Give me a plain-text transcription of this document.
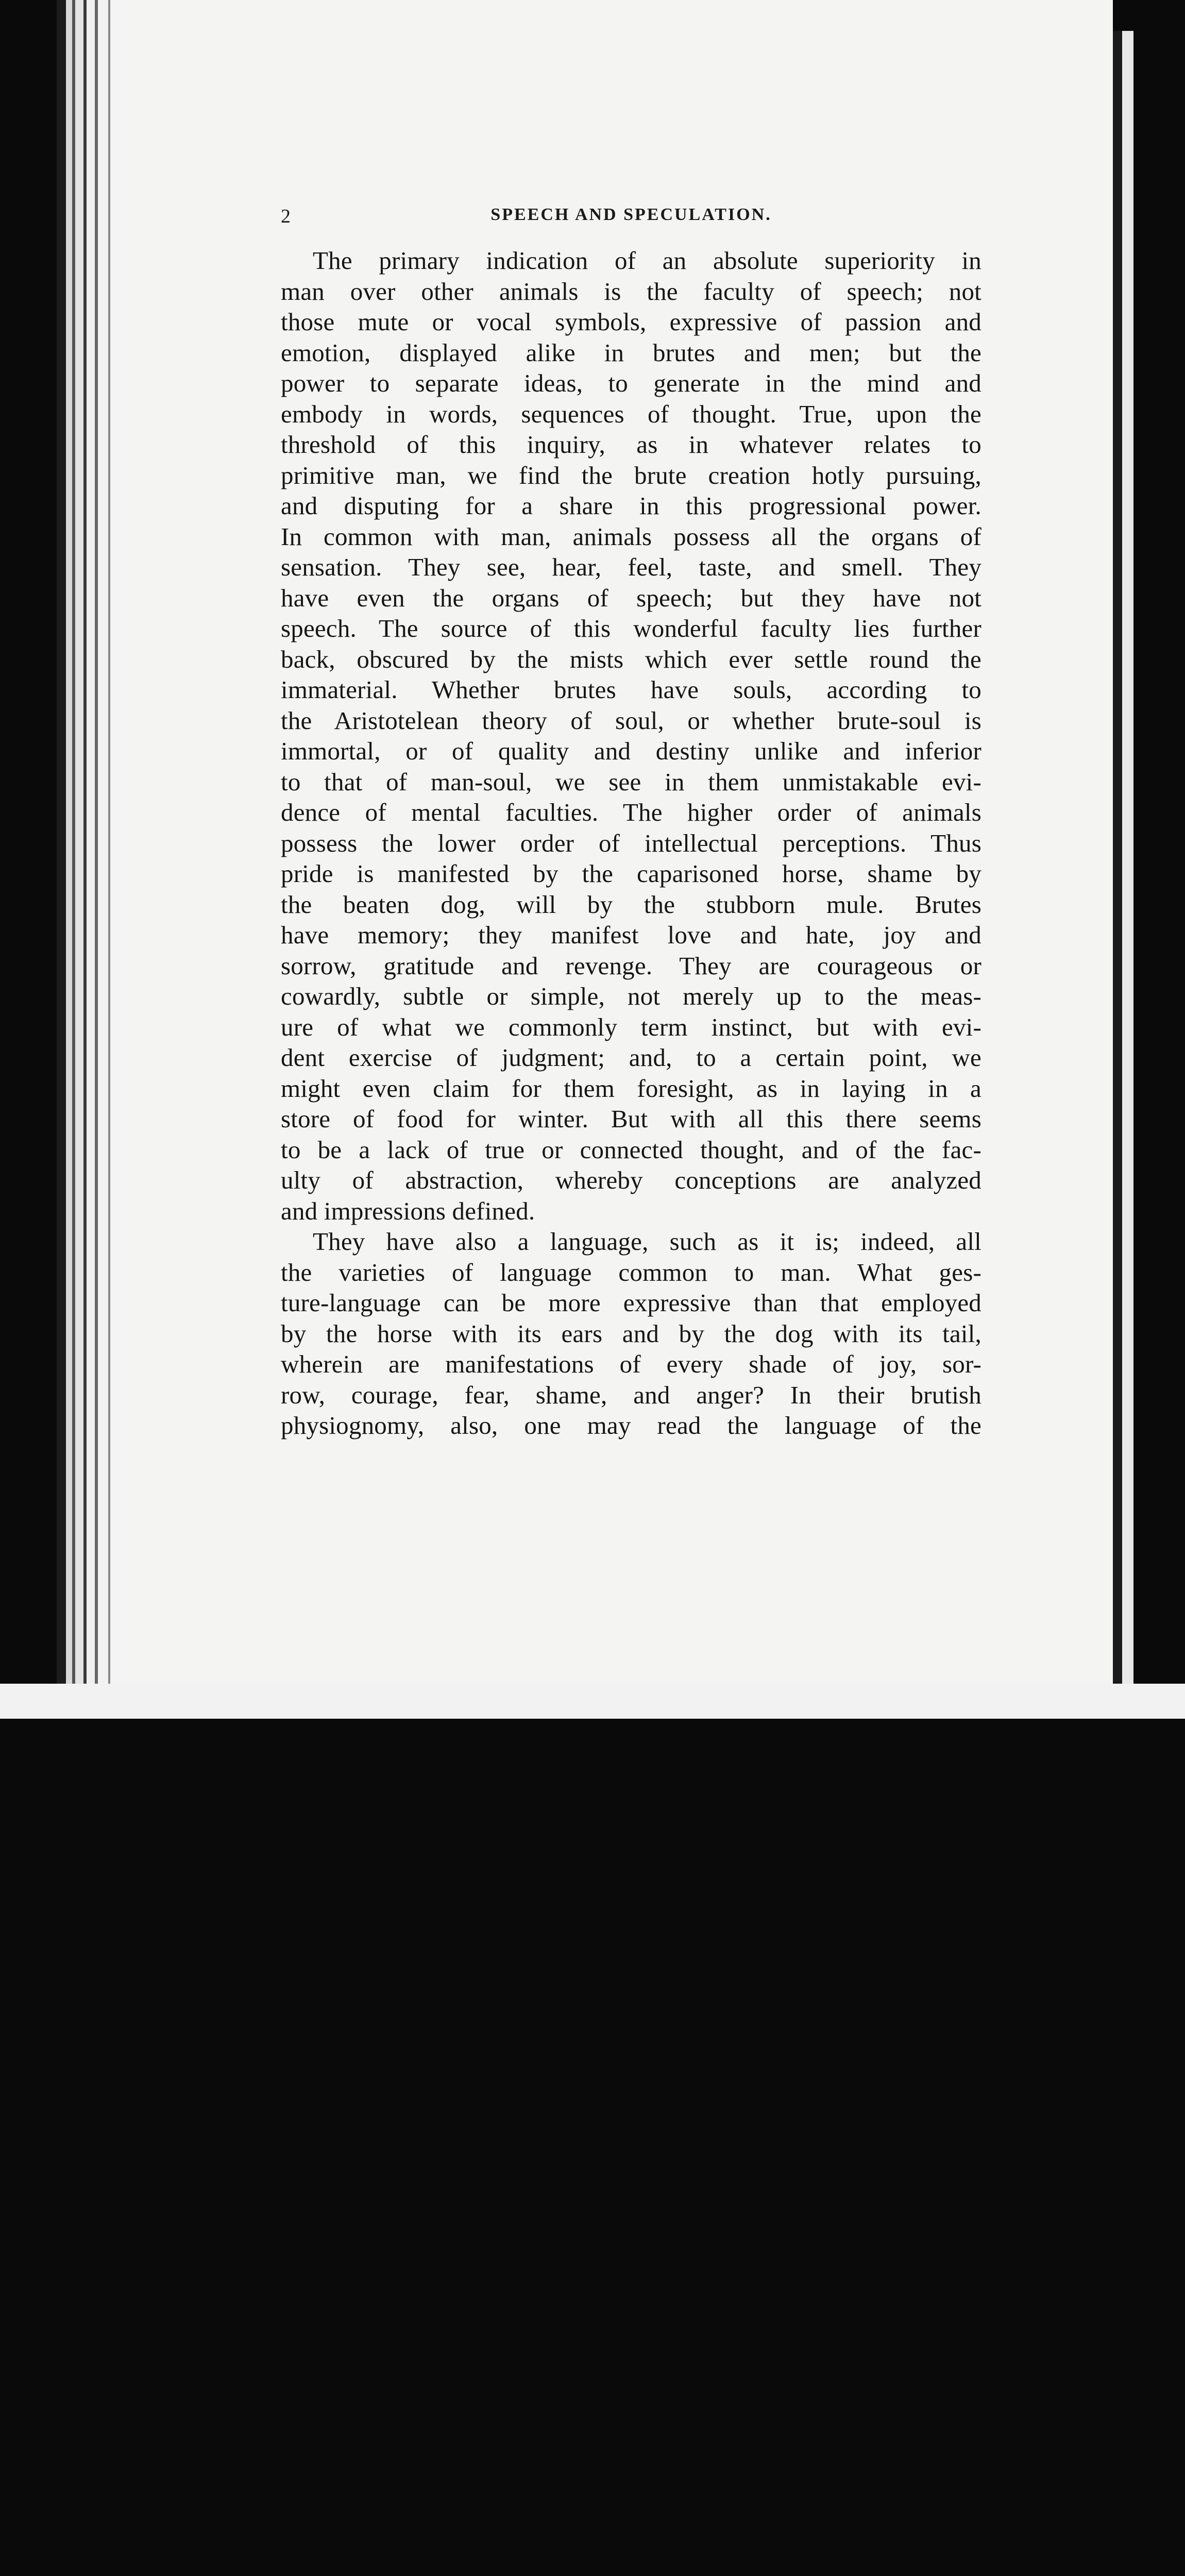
2	SPEECH AND SPECULATION.
The primary indication of an absolute superiority in
man over other animals is the faculty of speech; not
those mute or vocal symbols, expressive of passion and
emotion, displayed alike in brutes and men; but the
power to separate ideas, to generate in the mind and
embody in words, sequences of thought. True, upon the
threshold of this inquiry, as in whatever relates to
primitive man, we find the brute creation hotly pursuing,
and disputing for a share in this progressional power.
In common with man, animals possess all the organs of
sensation. They see, hear, feel, taste, and smell. They
have even the organs of speech; but they have not
speech. The source of this wonderful faculty lies further
back, obscured by the mists which ever settle round the
immaterial. Whether brutes have souls, according to
the Aristotelean theory of soul, or whether brute-soul is
immortal, or of quality and destiny unlike and inferior
to that of man-soul, we see in them unmistakable evi-
dence of mental faculties. The higher order of animals
possess the lower order of intellectual perceptions. Thus
pride is manifested by the caparisoned horse, shame by
the beaten dog, will by the stubborn mule. Brutes
have memory; they manifest love and hate, joy and
sorrow, gratitude and revenge. They are courageous or
cowardly, subtle or simple, not merely up to the meas-
ure of what we commonly term instinct, but with evi-
dent exercise of judgment; and, to a certain point, we
might even claim for them foresight, as in laying in a
store of food for winter. But with all this there seems
to be a lack of true or connected thought, and of the fac-
ulty of abstraction, whereby conceptions are analyzed
and impressions defined.
They have also a language, such as it is; indeed, all
the varieties of language common to man. What ges-
ture-language can be more expressive than that employed
by the horse with its ears and by the dog with its tail,
wherein are manifestations of every shade of joy, sor-
row, courage, fear, shame, and anger? In their brutish
physiognomy, also, one may read the language of the
